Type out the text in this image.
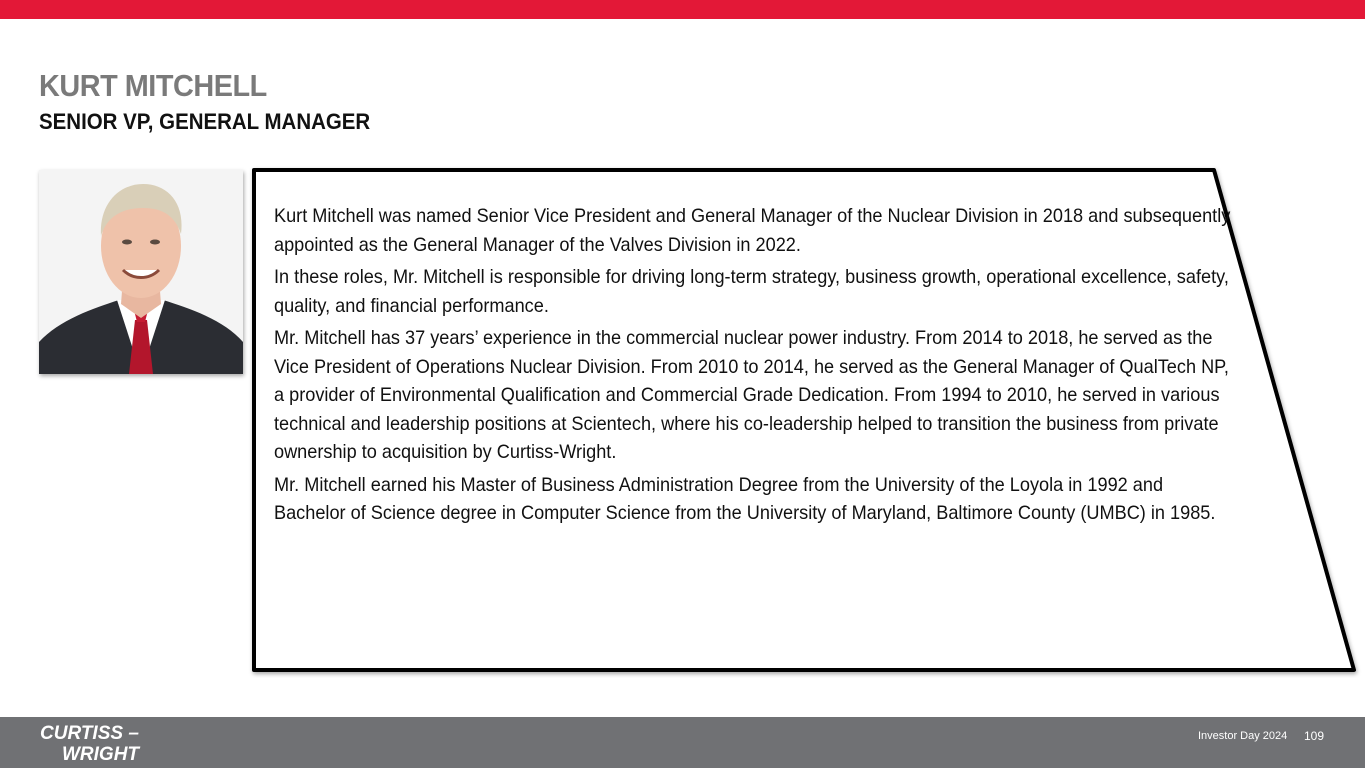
KURT MITCHELL
SENIOR VP, GENERAL MANAGER

Kurt Mitchell was named Senior Vice President and General Manager of the Nuclear Division in 2018 and subsequently appointed as the General Manager of the Valves Division in 2022.

In these roles, Mr. Mitchell is responsible for driving long-term strategy, business growth, operational excellence, safety, quality, and financial performance.

Mr. Mitchell has 37 years’ experience in the commercial nuclear power industry. From 2014 to 2018, he served as the Vice President of Operations Nuclear Division. From 2010 to 2014, he served as the General Manager of QualTech NP, a provider of Environmental Qualification and Commercial Grade Dedication. From 1994 to 2010, he served in various technical and leadership positions at Scientech, where his co-leadership helped to transition the business from private ownership to acquisition by Curtiss-Wright.

Mr. Mitchell earned his Master of Business Administration Degree from the University of the Loyola in 1992 and Bachelor of Science degree in Computer Science from the University of Maryland, Baltimore County (UMBC) in 1985.

CURTISS –
WRIGHT
Investor Day 2024 109
